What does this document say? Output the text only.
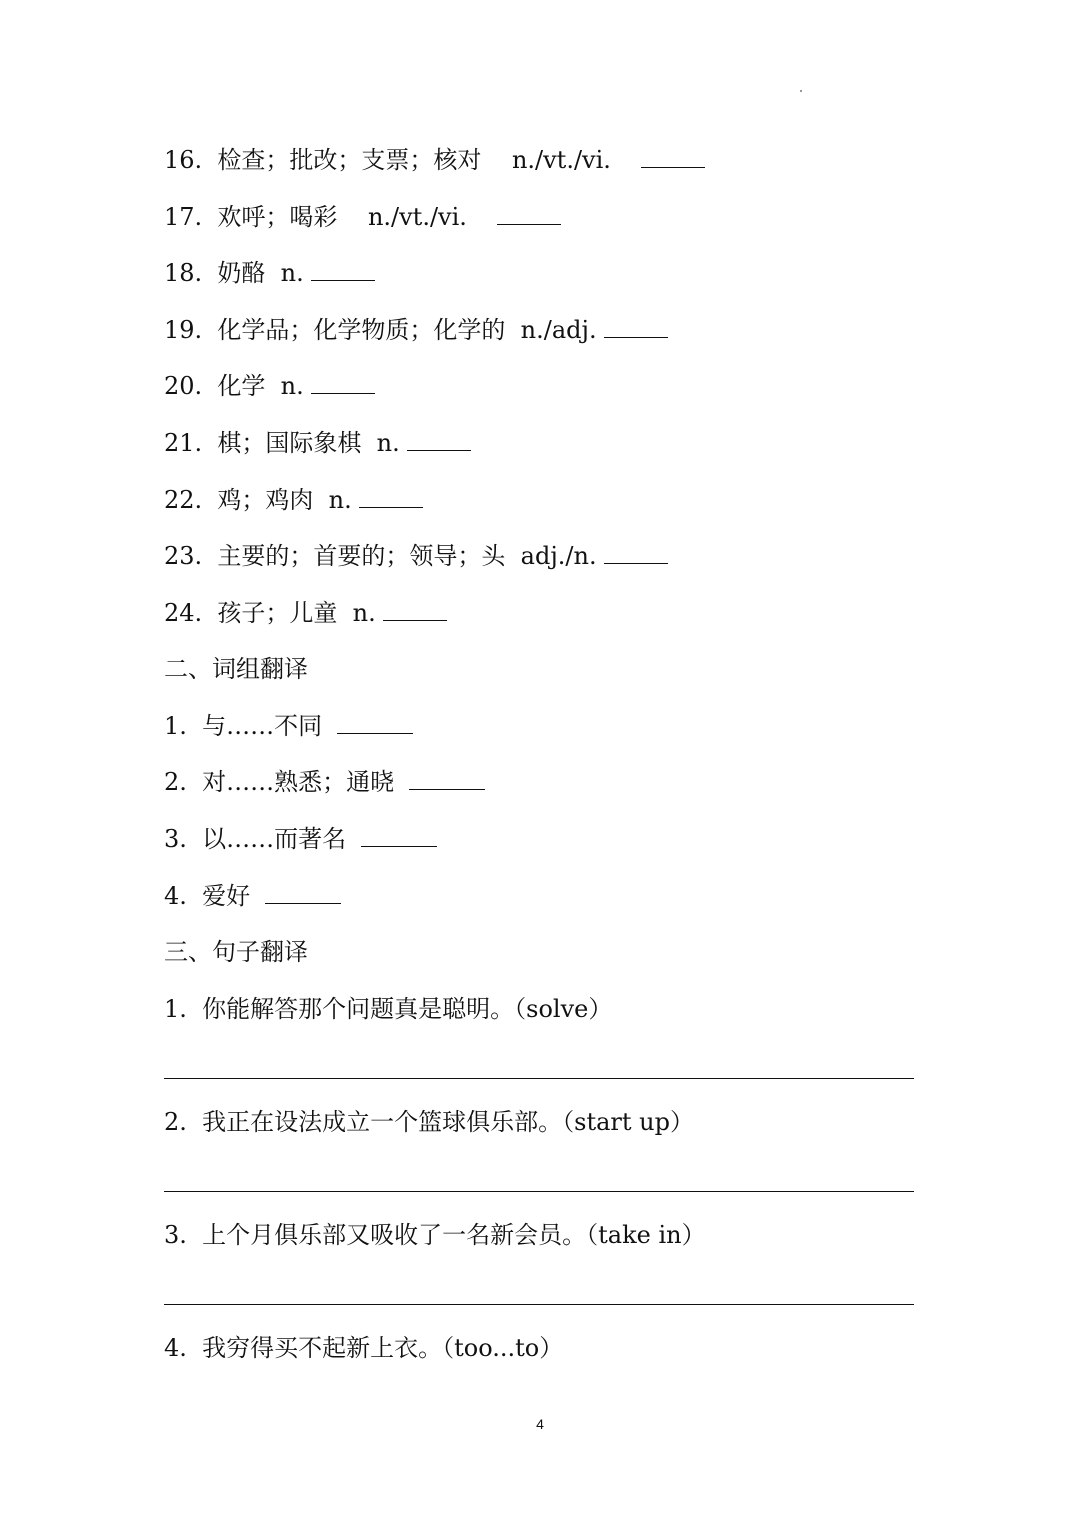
16.  检查；批改；支票；核对    n./vt./vi.
17.  欢呼；喝彩    n./vt./vi.
18.  奶酪  n.
19.  化学品；化学物质；化学的  n./adj.
20.  化学  n.
21.  棋；国际象棋  n.
22.  鸡；鸡肉  n.
23.  主要的；首要的；领导；头  adj./n.
24.  孩子；儿童  n.
二、词组翻译
1.  与……不同
2.  对……熟悉；通晓
3.  以……而著名
4.  爱好
三、句子翻译
1.  你能解答那个问题真是聪明。（solve）
2.  我正在设法成立一个篮球俱乐部。（start up）
3.  上个月俱乐部又吸收了一名新会员。（take in）
4.  我穷得买不起新上衣。（too...to）
4
